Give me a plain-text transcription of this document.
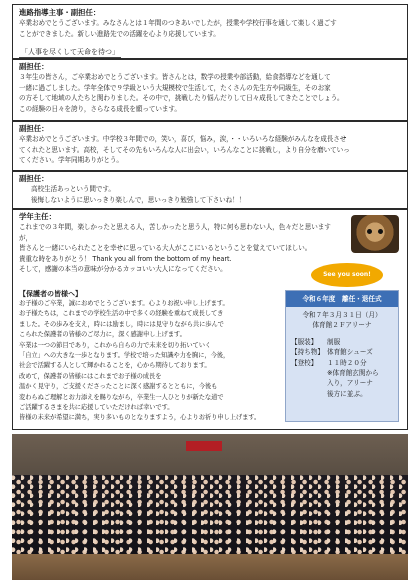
進路指導主事・副担任：

卒業おめでとうございます。みなさんとは１年間のつきあいでしたが，授業や学校行事を通して楽しく過ごす

ことができました。新しい進路先での活躍を心より応援しています。

「人事を尽くして天命を待つ」
副担任：

３年生の皆さん，ご卒業おめでとうございます。皆さんとは，数学の授業や部活動，給食指導などを通して

一緒に過ごしました。学年全体で９学級という大規模校で生活して，たくさんの先生方や同級生，そのお家

の方そして地域の人たちと関わりました。その中で，挑戦したり悩んだりして日々成長してきたことでしょう。

この経験の日々を誇り，さらなる成長を願っています。

副担任：

卒業おめでとうございます。中学校３年間での，笑い，喜び，悩み，涙，・・いろいろな経験がみんなを成長させ

てくれたと思います。高校，そしてその先もいろんな人に出会い，いろんなことに挑戦し，より自分を磨いていっ

てください。学年同期ありがとう。

副担任：

高校生活あっという間です。

後悔しないように思いっきり楽しんで，思いっきり勉強して下さいね！！

学年主任：

これまでの３年間，楽しかったと思える人，苦しかったと思う人，特に何も思わない人，色々だと思いますが，

皆さんと一緒にいられたことを幸せに思っている大人がここにいるということを覚えていてほしい。

貴重な時をありがとう！ Thank you all from the bottom of my heart.

そして，感謝の本当の意味が分かるカッコいい大人になってください。

See you soon!
【保護者の皆様へ】

お子様のご卒業，誠におめでとうございます。心よりお祝い申し上げます。

お子様たちは，これまでの学校生活の中で多くの経験を重ねて成長してき

ました。その歩みを支え，時には励まし，時には見守りながら共に歩んで

こられた保護者の皆様のご尽力に，深く感謝申し上げます。

卒業は一つの節目であり，これから自らの力で未来を切り拓いていく

「自立」への大きな一歩となります。学校で培った知識や力を胸に，今後，

社会で活躍する人として輝かれることを，心から期待しております。

改めて，保護者の皆様にはこれまでお子様の成長を

温かく見守り，ご支援くださったことに深く感謝するとともに，今後も

変わらぬご理解とお力添えを賜りながら，卒業生一人ひとりが新たな道で

ご活躍するさまを共に応援していただければ幸いです。

皆様の未来が希望に満ち，実り多いものとなりますよう，心よりお祈り申し上げます。

令和６年度　離任・退任式
令和７年３月３１日（月）
体育館２Ｆアリーナ
【服装】	制服
【持ち物】 体育館シューズ
【登校】	１１時２０分
※体育館玄関から
入り，アリーナ
後方に並ぶ。
